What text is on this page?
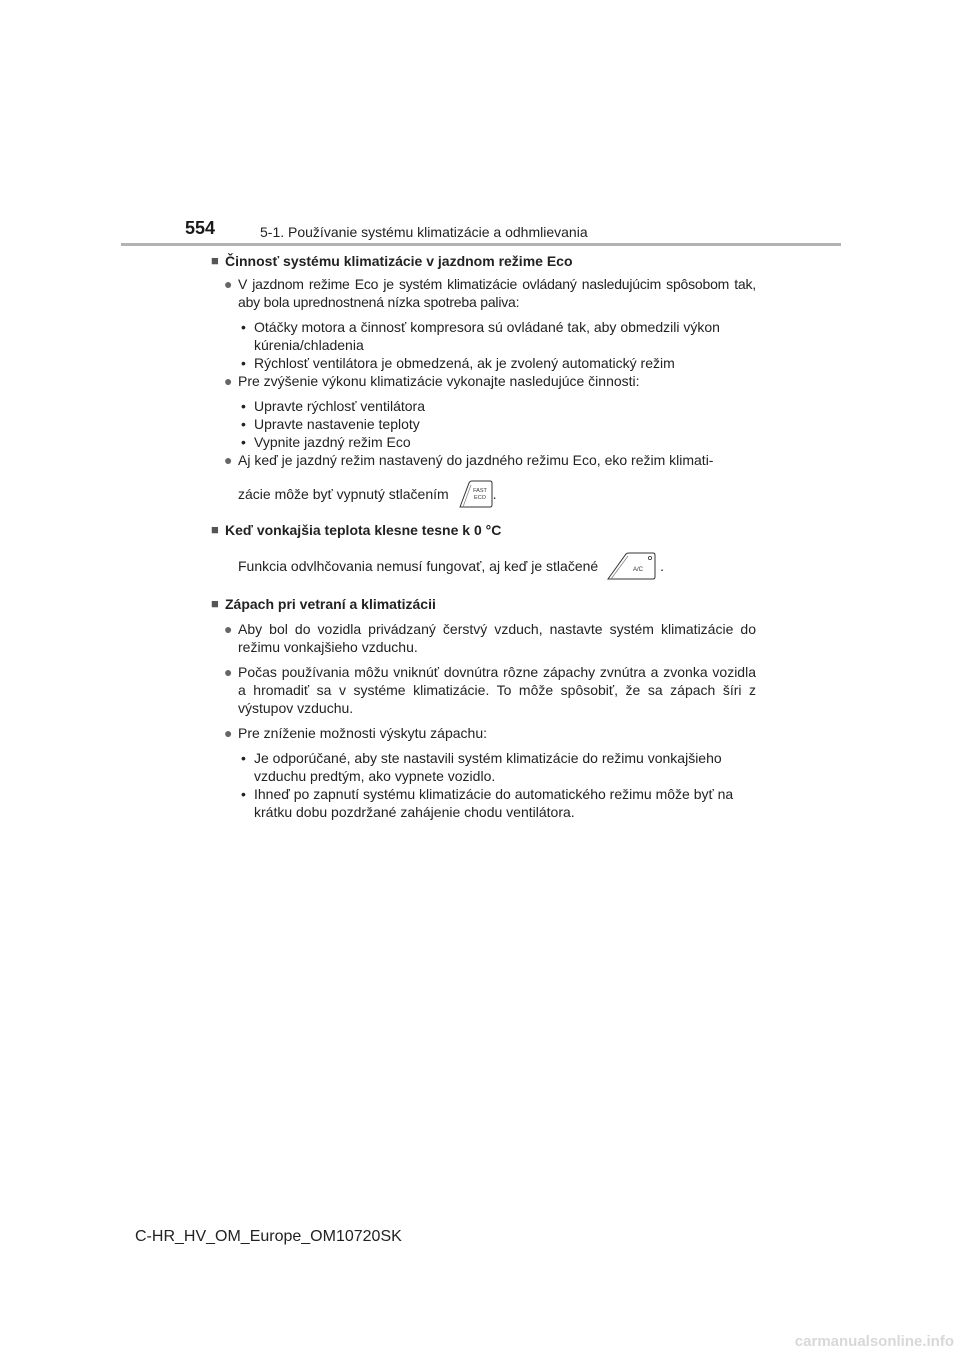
554	5-1. Používanie systému klimatizácie a odhmlievania
■ Činnosť systému klimatizácie v jazdnom režime Eco
● V jazdnom režime Eco je systém klimatizácie ovládaný nasledujúcim spôsobom tak, aby bola uprednostnená nízka spotreba paliva:
• Otáčky motora a činnosť kompresora sú ovládané tak, aby obmedzili výkon kúrenia/chladenia
• Rýchlosť ventilátora je obmedzená, ak je zvolený automatický režim
● Pre zvýšenie výkonu klimatizácie vykonajte nasledujúce činnosti:
• Upravte rýchlosť ventilátora
• Upravte nastavenie teploty
• Vypnite jazdný režim Eco
● Aj keď je jazdný režim nastavený do jazdného režimu Eco, eko režim klimati-
zácie môže byť vypnutý stlačením	FAST
ECO .
■ Keď vonkajšia teplota klesne tesne k 0 °C
Funkcia odvlhčovania nemusí fungovať, aj keď je stlačené	A/C .
■ Zápach pri vetraní a klimatizácii
● Aby bol do vozidla privádzaný čerstvý vzduch, nastavte systém klimatizácie do režimu vonkajšieho vzduchu.
● Počas používania môžu vniknúť dovnútra rôzne zápachy zvnútra a zvonka vozidla a hromadiť sa v systéme klimatizácie. To môže spôsobiť, že sa zápach šíri z výstupov vzduchu.
● Pre zníženie možnosti výskytu zápachu:
• Je odporúčané, aby ste nastavili systém klimatizácie do režimu vonkajšieho vzduchu predtým, ako vypnete vozidlo.
• Ihneď po zapnutí systému klimatizácie do automatického režimu môže byť na krátku dobu pozdržané zahájenie chodu ventilátora.
C-HR_HV_OM_Europe_OM10720SK
carmanualsonline.info
